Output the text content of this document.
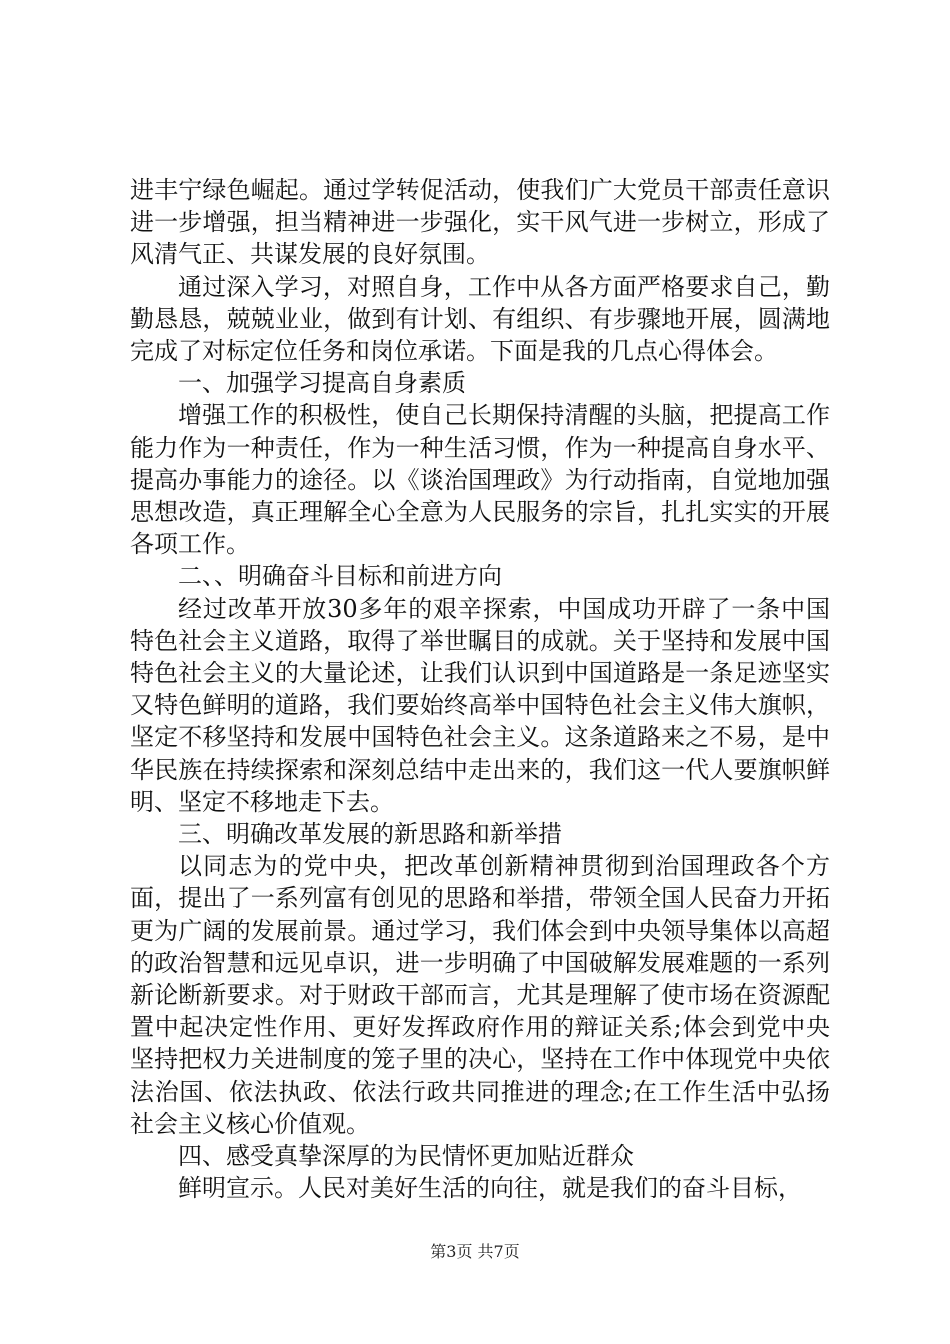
进丰宁绿色崛起。通过学转促活动，使我们广大党员干部责任意识进一步增强，担当精神进一步强化，实干风气进一步树立，形成了风清气正、共谋发展的良好氛围。

通过深入学习，对照自身，工作中从各方面严格要求自己，勤勤恳恳，兢兢业业，做到有计划、有组织、有步骤地开展，圆满地完成了对标定位任务和岗位承诺。下面是我的几点心得体会。

一、加强学习提高自身素质

增强工作的积极性，使自己长期保持清醒的头脑，把提高工作能力作为一种责任，作为一种生活习惯，作为一种提高自身水平、提高办事能力的途径。以《谈治国理政》为行动指南，自觉地加强思想改造，真正理解全心全意为人民服务的宗旨，扎扎实实的开展各项工作。

二、、明确奋斗目标和前进方向

经过改革开放30多年的艰辛探索，中国成功开辟了一条中国特色社会主义道路，取得了举世瞩目的成就。关于坚持和发展中国特色社会主义的大量论述，让我们认识到中国道路是一条足迹坚实又特色鲜明的道路，我们要始终高举中国特色社会主义伟大旗帜，坚定不移坚持和发展中国特色社会主义。这条道路来之不易，是中华民族在持续探索和深刻总结中走出来的，我们这一代人要旗帜鲜明、坚定不移地走下去。

三、明确改革发展的新思路和新举措

以同志为的党中央，把改革创新精神贯彻到治国理政各个方面，提出了一系列富有创见的思路和举措，带领全国人民奋力开拓更为广阔的发展前景。通过学习，我们体会到中央领导集体以高超的政治智慧和远见卓识，进一步明确了中国破解发展难题的一系列新论断新要求。对于财政干部而言，尤其是理解了使市场在资源配置中起决定性作用、更好发挥政府作用的辩证关系;体会到党中央坚持把权力关进制度的笼子里的决心，坚持在工作中体现党中央依法治国、依法执政、依法行政共同推进的理念;在工作生活中弘扬社会主义核心价值观。

四、感受真挚深厚的为民情怀更加贴近群众

鲜明宣示。人民对美好生活的向往，就是我们的奋斗目标，

第3页 共7页
